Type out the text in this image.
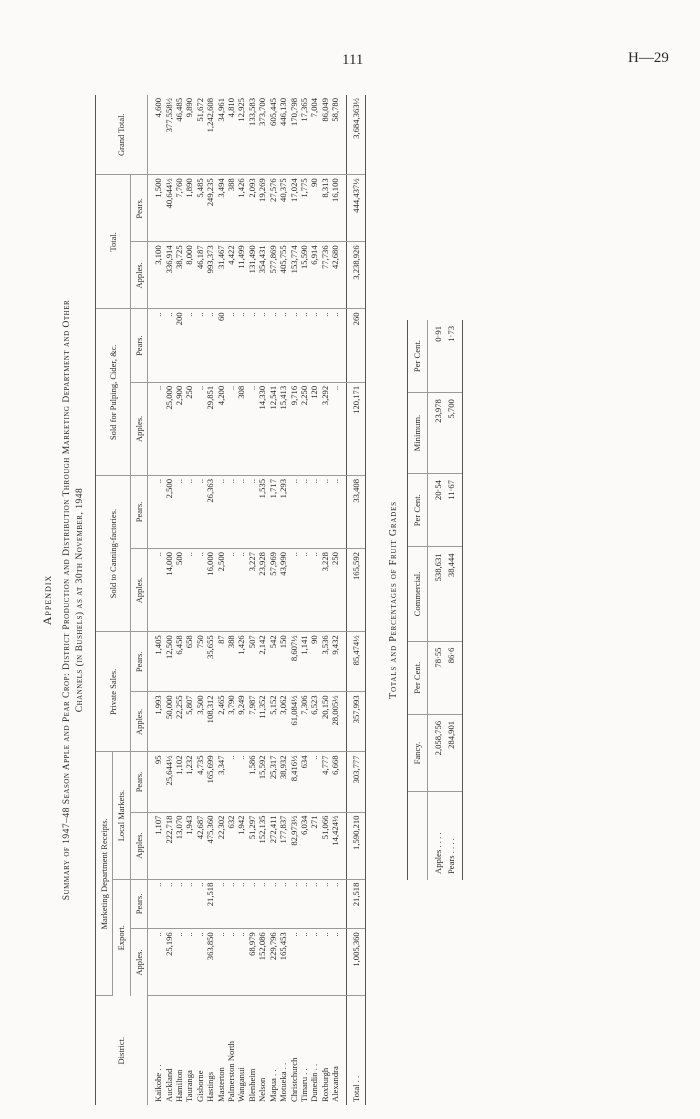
111	H—29

Appendix Summary of 1947–48 Season Apple and Pear Crop: District Production and Distribution Through Marketing Department and Other Channels (in Bushels) as at 30th November, 1948

District.	Marketing Department Receipts.				Private Sales.		Sold to Canning-factories.		Sold for Pulping, Cider, &c.		Total.		Grand Total.
	Export.		Local Markets.										
	Apples.	Pears.	Apples.	Pears.	Apples.	Pears.	Apples.	Pears.	Apples.	Pears.	Apples.	Pears.	
Kaikohe . .	..	..	1,107	95	1,993	1,405	..	..	..	..	3,100	1,500	4,600
Auckland	25,196	..	222,718	25,644½	50,000	12,500	14,000	2,500	25,000	..	336,914	40,644½	377,558½
Hamilton	..	..	13,070	1,102	22,255	6,458	500	..	2,900	200	38,725	7,760	46,485
Tauranga	..	..	1,943	1,232	5,807	658	..	..	250	..	8,000	1,890	9,890
Gisborne	..	..	42,687	4,735	3,500	750	..	..	..	..	46,187	5,485	51,672
Hastings	363,850	21,518	475,360	165,699	108,312	35,655	16,000	26,363	29,851	..	993,373	249,235	1,242,608
Masterton	..	..	22,302	3,347	2,465	87	2,500	..	4,200	60	31,467	3,494	34,961
Palmerston North	..	..	632	..	3,790	388	..	..	..	..	4,422	388	4,810
Wanganui	..	..	1,942	..	9,249	1,426	..	..	308	..	11,499	1,426	12,925
Blenheim	68,979	..	51,297	1,586	7,987	507	3,227	..	..	..	131,490	2,093	133,583
Nelson	152,086	..	152,135	15,592	11,352	2,142	23,928	1,535	14,330	..	354,431	19,269	373,700
Mapua . .	229,796	..	272,411	25,317	5,152	542	57,969	1,717	12,541	..	577,869	27,576	605,445
Motueka . .	165,453	..	177,837	38,932	3,062	150	43,990	1,293	15,413	..	405,755	40,375	446,130
Christchurch	..	..	82,973½	8,416½	61,084½	8,607½	..	..	9,716	..	153,774	17,024	170,798
Timaru . .	..	..	6,034	634	7,306	1,141	..	..	2,250	..	15,590	1,775	17,365
Dunedin . .	..	..	271	..	6,523	90	..	..	120	..	6,914	90	7,004
Roxburgh	..	..	51,066	4,777	20,150	3,536	3,228	..	3,292	..	77,736	8,313	86,049
Alexandra	..	..	14,424½	6,668	28,005½	9,432	250	..	..	..	42,680	16,100	58,780
Total . .	1,005,360	21,518	1,590,210	303,777	357,993	85,474½	165,592	33,408	120,171	260	3,238,926	444,437½	3,684,363½

Totals and Percentages of Fruit Grades

	Fancy.	Per Cent.	Commercial.	Per Cent.	Minimum.	Per Cent.
Apples . . . .	2,058,756	78·55	538,631	20·54	23,978	0·91
Pears . . . .	284,901	86·6	38,444	11·67	5,700	1·73
